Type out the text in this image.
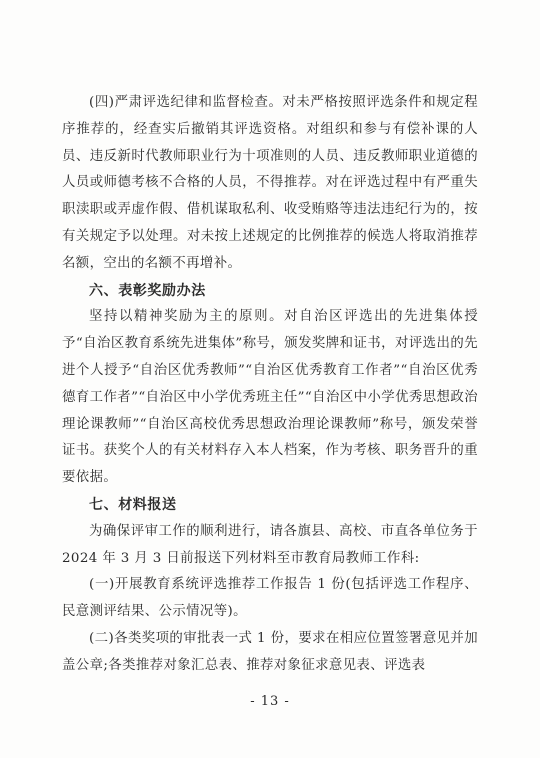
(四)严肃评选纪律和监督检查。对未严格按照评选条件和规定程序推荐的，经查实后撤销其评选资格。对组织和参与有偿补课的人员、违反新时代教师职业行为十项准则的人员、违反教师职业道德的人员或师德考核不合格的人员，不得推荐。对在评选过程中有严重失职渎职或弄虚作假、借机谋取私利、收受贿赂等违法违纪行为的，按有关规定予以处理。对未按上述规定的比例推荐的候选人将取消推荐名额，空出的名额不再增补。

六、表彰奖励办法

坚持以精神奖励为主的原则。对自治区评选出的先进集体授予“自治区教育系统先进集体”称号，颁发奖牌和证书，对评选出的先进个人授予“自治区优秀教师”“自治区优秀教育工作者”“自治区优秀德育工作者”“自治区中小学优秀班主任”“自治区中小学优秀思想政治理论课教师”“自治区高校优秀思想政治理论课教师”称号，颁发荣誉证书。获奖个人的有关材料存入本人档案，作为考核、职务晋升的重要依据。

七、材料报送

为确保评审工作的顺利进行，请各旗县、高校、市直各单位务于 2024 年 3 月 3 日前报送下列材料至市教育局教师工作科:

(一)开展教育系统评选推荐工作报告 1 份(包括评选工作程序、民意测评结果、公示情况等)。

(二)各类奖项的审批表一式 1 份，要求在相应位置签署意见并加盖公章;各类推荐对象汇总表、推荐对象征求意见表、评选表

- 13 -
